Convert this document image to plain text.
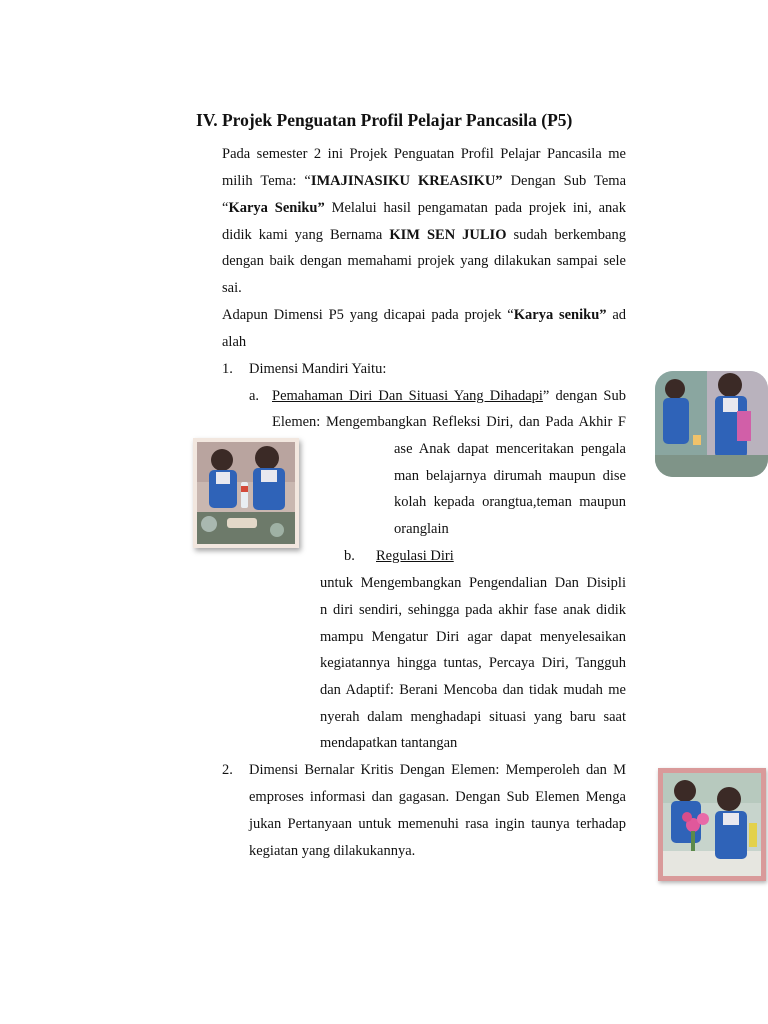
IV. Projek Penguatan Profil Pelajar Pancasila (P5)
Pada semester 2 ini Projek Penguatan Profil Pelajar Pancasila me
milih Tema: “IMAJINASIKU KREASIKU” Dengan Sub Tema
“Karya Seniku” Melalui hasil pengamatan pada projek ini, anak
didik kami yang Bernama KIM SEN JULIO sudah berkembang
dengan baik dengan memahami projek yang dilakukan sampai sele
sai.
Adapun Dimensi P5 yang dicapai pada projek “Karya seniku” ad
alah
1. Dimensi Mandiri Yaitu:
a. Pemahaman Diri Dan Situasi Yang Dihadapi” dengan Sub
Elemen: Mengembangkan Refleksi Diri, dan Pada Akhir F
ase Anak dapat menceritakan pengala
man belajarnya dirumah maupun dise
kolah kepada orangtua,teman maupun
oranglain
b. Regulasi Diri
untuk Mengembangkan Pengendalian Dan Disipli
n diri sendiri, sehingga pada akhir fase anak didik
mampu Mengatur Diri agar dapat menyelesaikan
kegiatannya hingga tuntas, Percaya Diri, Tangguh
dan Adaptif: Berani Mencoba dan tidak mudah me
nyerah dalam menghadapi situasi yang baru saat
mendapatkan tantangan
2. Dimensi Bernalar Kritis Dengan Elemen: Memperoleh dan M
emproses informasi dan gagasan. Dengan Sub Elemen Menga
jukan Pertanyaan untuk memenuhi rasa ingin taunya terhadap
kegiatan yang dilakukannya.
